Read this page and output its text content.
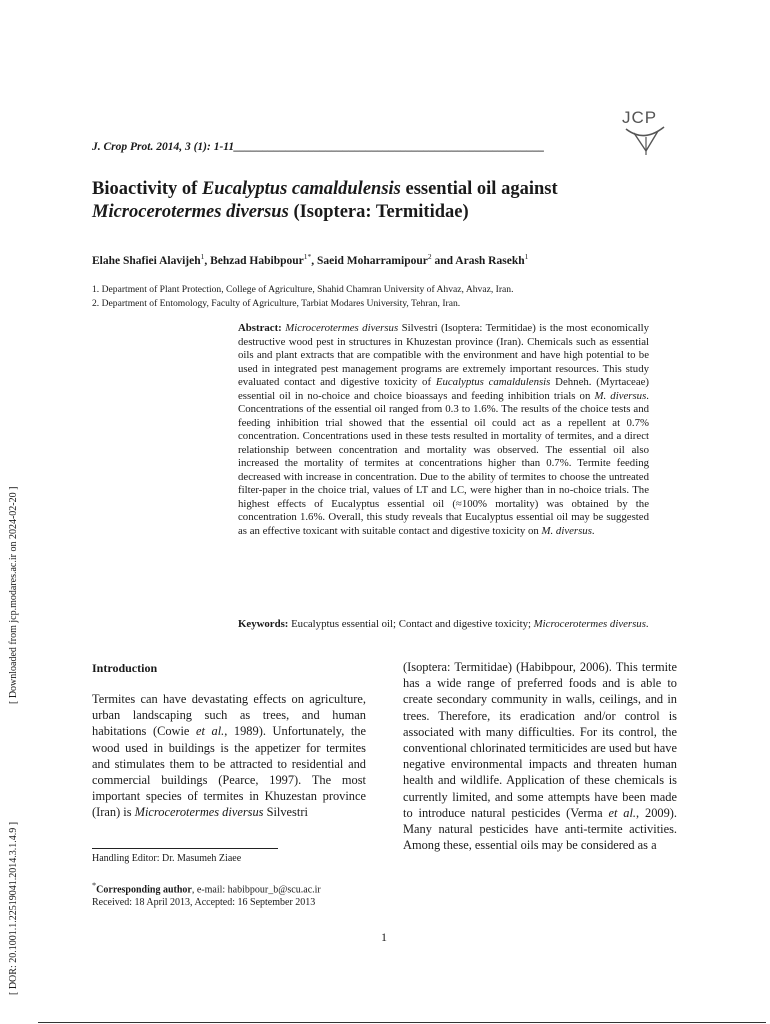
J. Crop Prot. 2014, 3 (1): 1-11______________________________________________________
JCP
Bioactivity of Eucalyptus camaldulensis essential oil against
Microcerotermes diversus (Isoptera: Termitidae)
Elahe Shafiei Alavijeh$^1$, Behzad Habibpour$^{1*}$, Saeid Moharramipour$^2$ and Arash Rasekh$^1$
1. Department of Plant Protection, College of Agriculture, Shahid Chamran University of Ahvaz, Ahvaz, Iran.
2. Department of Entomology, Faculty of Agriculture, Tarbiat Modares University, Tehran, Iran.
Abstract: Microcerotermes diversus Silvestri (Isoptera: Termitidae) is the most economically destructive wood pest in structures in Khuzestan province (Iran). Chemicals such as essential oils and plant extracts that are compatible with the environment and have high potential to be used in integrated pest management programs are extremely important resources. This study evaluated contact and digestive toxicity of Eucalyptus camaldulensis Dehneh. (Myrtaceae) essential oil in no-choice and choice bioassays and feeding inhibition trials on M. diversus. Concentrations of the essential oil ranged from 0.3 to 1.6%. The results of the choice tests and feeding inhibition trial showed that the essential oil could act as a repellent at 0.7% concentration. Concentrations used in these tests resulted in mortality of termites, and a direct relationship between concentration and mortality was observed. The essential oil also increased the mortality of termites at concentrations higher than 0.7%. Termite feeding decreased with increase in concentration. Due to the ability of termites to choose the untreated filter-paper in the choice trial, values of LT and LC, were higher than in no-choice trials. The highest effects of Eucalyptus essential oil (≈100% mortality) was obtained by the concentration 1.6%. Overall, this study reveals that Eucalyptus essential oil may be suggested as an effective toxicant with suitable contact and digestive toxicity on M. diversus.
Keywords: Eucalyptus essential oil; Contact and digestive toxicity; Microcerotermes diversus.
Introduction
Termites can have devastating effects on agriculture, urban landscaping such as trees, and human habitations (Cowie et al., 1989). Unfortunately, the wood used in buildings is the appetizer for termites and stimulates them to be attracted to residential and commercial buildings (Pearce, 1997). The most important species of termites in Khuzestan province (Iran) is Microcerotermes diversus Silvestri
(Isoptera: Termitidae) (Habibpour, 2006). This termite has a wide range of preferred foods and is able to create secondary community in walls, ceilings, and in trees. Therefore, its eradication and/or control is associated with many difficulties. For its control, the conventional chlorinated termiticides are used but have negative environmental impacts and threaten human health and wildlife. Application of these chemicals is currently limited, and some attempts have been made to introduce natural pesticides (Verma et al., 2009). Many natural pesticides have anti-termite activities. Among these, essential oils may be considered as a
Handling Editor: Dr. Masumeh Ziaee
*Corresponding author, e-mail: habibpour_b@scu.ac.ir
Received: 18 April 2013, Accepted: 16 September 2013
1
[ Downloaded from jcp.modares.ac.ir on 2024-02-20 ]
[ DOR: 20.1001.1.22519041.2014.3.1.4.9 ]
